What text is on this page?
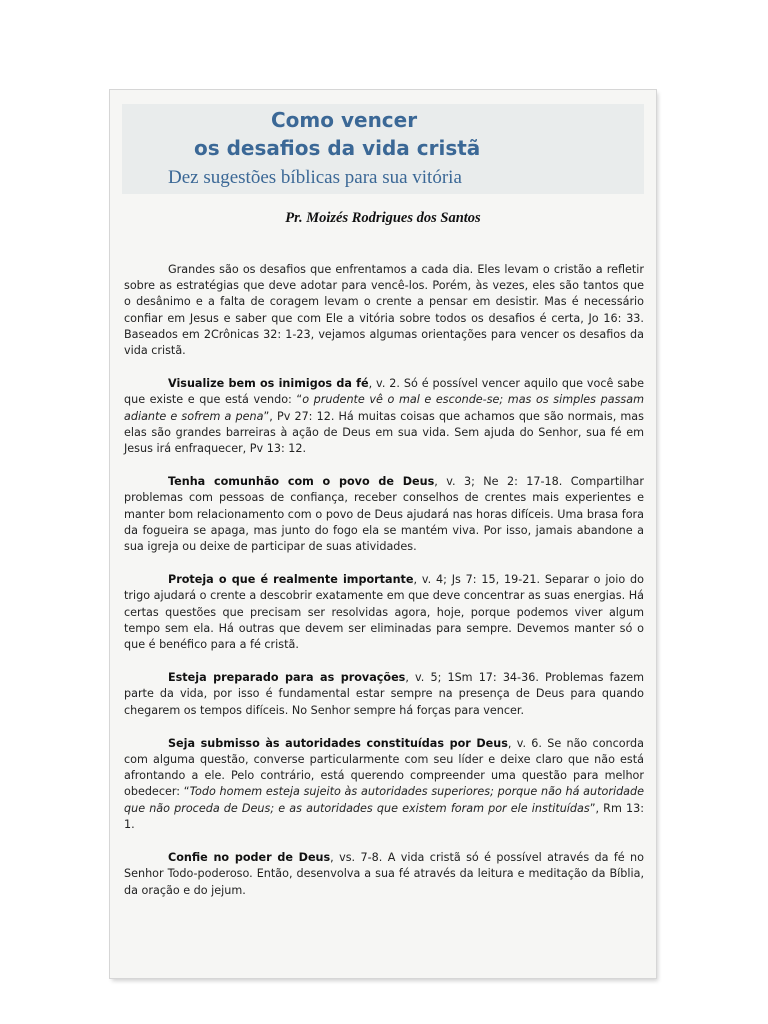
Como vencer
os desafios da vida cristã
Dez sugestões bíblicas para sua vitória
Pr. Moizés Rodrigues dos Santos

Grandes são os desafios que enfrentamos a cada dia. Eles levam o cristão a refletir sobre as estratégias que deve adotar para vencê-los. Porém, às vezes, eles são tantos que o desânimo e a falta de coragem levam o crente a pensar em desistir. Mas é necessário confiar em Jesus e saber que com Ele a vitória sobre todos os desafios é certa, Jo 16: 33. Baseados em 2Crônicas 32: 1-23, vejamos algumas orientações para vencer os desafios da vida cristã.

Visualize bem os inimigos da fé, v. 2. Só é possível vencer aquilo que você sabe que existe e que está vendo: “o prudente vê o mal e esconde-se; mas os simples passam adiante e sofrem a pena”, Pv 27: 12. Há muitas coisas que achamos que são normais, mas elas são grandes barreiras à ação de Deus em sua vida. Sem ajuda do Senhor, sua fé em Jesus irá enfraquecer, Pv 13: 12.

Tenha comunhão com o povo de Deus, v. 3; Ne 2: 17-18. Compartilhar problemas com pessoas de confiança, receber conselhos de crentes mais experientes e manter bom relacionamento com o povo de Deus ajudará nas horas difíceis. Uma brasa fora da fogueira se apaga, mas junto do fogo ela se mantém viva. Por isso, jamais abandone a sua igreja ou deixe de participar de suas atividades.

Proteja o que é realmente importante, v. 4; Js 7: 15, 19-21. Separar o joio do trigo ajudará o crente a descobrir exatamente em que deve concentrar as suas energias. Há certas questões que precisam ser resolvidas agora, hoje, porque podemos viver algum tempo sem ela. Há outras que devem ser eliminadas para sempre. Devemos manter só o que é benéfico para a fé cristã.

Esteja preparado para as provações, v. 5; 1Sm 17: 34-36. Problemas fazem parte da vida, por isso é fundamental estar sempre na presença de Deus para quando chegarem os tempos difíceis. No Senhor sempre há forças para vencer.

Seja submisso às autoridades constituídas por Deus, v. 6. Se não concorda com alguma questão, converse particularmente com seu líder e deixe claro que não está afrontando a ele. Pelo contrário, está querendo compreender uma questão para melhor obedecer: “Todo homem esteja sujeito às autoridades superiores; porque não há autoridade que não proceda de Deus; e as autoridades que existem foram por ele instituídas”, Rm 13: 1.

Confie no poder de Deus, vs. 7-8. A vida cristã só é possível através da fé no Senhor Todo-poderoso. Então, desenvolva a sua fé através da leitura e meditação da Bíblia, da oração e do jejum.
